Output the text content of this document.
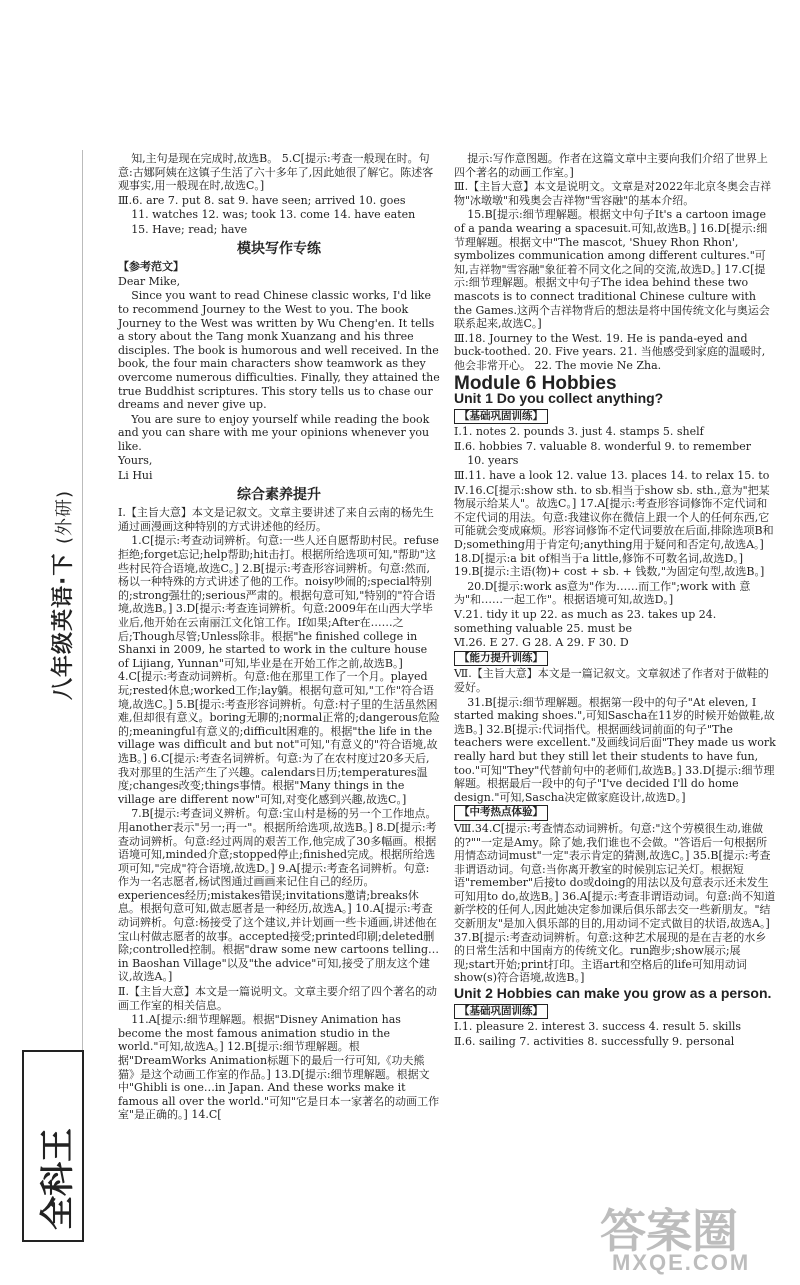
八年级英语·下 (外研)
全科王
知,主句是现在完成时,故选B。 5.C[提示:考查一般现在时。句意:古娜阿姨在这镇子生活了六十多年了,因此她很了解它。陈述客观事实,用一般现在时,故选C。]
Ⅲ.6. are 7. put 8. sat 9. have seen; arrived 10. goes
11. watches 12. was; took 13. come 14. have eaten
15. Have; read; have
模块写作专练
【参考范文】
Dear Mike,
Since you want to read Chinese classic works, I'd like to recommend Journey to the West to you. The book Journey to the West was written by Wu Cheng'en. It tells a story about the Tang monk Xuanzang and his three disciples. The book is humorous and well received. In the book, the four main characters show teamwork as they overcome numerous difficulties. Finally, they attained the true Buddhist scriptures. This story tells us to chase our dreams and never give up.
You are sure to enjoy yourself while reading the book and you can share with me your opinions whenever you like.
Yours,
Li Hui
综合素养提升
Ⅰ.【主旨大意】本文是记叙文。文章主要讲述了来自云南的杨先生通过画漫画这种特别的方式讲述他的经历。
1.C[提示:考查动词辨析。句意:一些人还自愿帮助村民。refuse拒绝;forget忘记;help帮助;hit击打。根据所给选项可知,"帮助"这些村民符合语境,故选C。] 2.B[提示:考查形容词辨析。句意:然而,杨以一种特殊的方式讲述了他的工作。noisy吵闹的;special特别的;strong强壮的;serious严肃的。根据句意可知,"特别的"符合语境,故选B。] 3.D[提示:考查连词辨析。句意:2009年在山西大学毕业后,他开始在云南丽江文化馆工作。If如果;After在……之后;Though尽管;Unless除非。根据"he finished college in Shanxi in 2009, he started to work in the culture house of Lijiang, Yunnan"可知,毕业是在开始工作之前,故选B。] 4.C[提示:考查动词辨析。句意:他在那里工作了一个月。played玩;rested休息;worked工作;lay躺。根据句意可知,"工作"符合语境,故选C。] 5.B[提示:考查形容词辨析。句意:村子里的生活虽然困难,但却很有意义。boring无聊的;normal正常的;dangerous危险的;meaningful有意义的;difficult困难的。根据"the life in the village was difficult and but not"可知,"有意义的"符合语境,故选B。] 6.C[提示:考查名词辨析。句意:为了在农村度过20多天后,我对那里的生活产生了兴趣。calendars日历;temperatures温度;changes改变;things事情。根据"Many things in the village are different now"可知,对变化感到兴趣,故选C。]
7.B[提示:考查词义辨析。句意:宝山村是杨的另一个工作地点。用another表示"另一;再一"。根据所给选项,故选B。] 8.D[提示:考查动词辨析。句意:经过两周的艰苦工作,他完成了30多幅画。根据语境可知,minded介意;stopped停止;finished完成。根据所给选项可知,"完成"符合语境,故选D。] 9.A[提示:考查名词辨析。句意:作为一名志愿者,杨试图通过画画来记住自己的经历。experiences经历;mistakes错误;invitations邀请;breaks休息。根据句意可知,做志愿者是一种经历,故选A。] 10.A[提示:考查动词辨析。句意:杨接受了这个建议,并计划画一些卡通画,讲述他在宝山村做志愿者的故事。accepted接受;printed印刷;deleted删除;controlled控制。根据"draw some new cartoons telling…in Baoshan Village"以及"the advice"可知,接受了朋友这个建议,故选A。]
Ⅱ.【主旨大意】本文是一篇说明文。文章主要介绍了四个著名的动画工作室的相关信息。
11.A[提示:细节理解题。根据"Disney Animation has become the most famous animation studio in the world."可知,故选A。] 12.B[提示:细节理解题。根据"DreamWorks Animation标题下的最后一行可知,《功夫熊猫》是这个动画工作室的作品。] 13.D[提示:细节理解题。根据文中"Ghibli is one…in Japan. And these works make it famous all over the world."可知"它是日本一家著名的动画工作室"是正确的。] 14.C[
提示:写作意图题。作者在这篇文章中主要向我们介绍了世界上四个著名的动画工作室。]
Ⅲ.【主旨大意】本文是说明文。文章是对2022年北京冬奥会吉祥物"冰墩墩"和残奥会吉祥物"雪容融"的基本介绍。
15.B[提示:细节理解题。根据文中句子It's a cartoon image of a panda wearing a spacesuit.可知,故选B。] 16.D[提示:细节理解题。根据文中"The mascot, 'Shuey Rhon Rhon', symbolizes communication among different cultures."可知,吉祥物"雪容融"象征着不同文化之间的交流,故选D。] 17.C[提示:细节理解题。根据文中句子The idea behind these two mascots is to connect traditional Chinese culture with the Games.这两个吉祥物背后的想法是将中国传统文化与奥运会联系起来,故选C。]
Ⅲ.18. Journey to the West. 19. He is panda-eyed and buck-toothed. 20. Five years. 21. 当他感受到家庭的温暖时,他会非常开心。 22. The movie Ne Zha.
Module 6 Hobbies
Unit 1 Do you collect anything?
【基础巩固训练】
Ⅰ.1. notes 2. pounds 3. just 4. stamps 5. shelf
Ⅱ.6. hobbies 7. valuable 8. wonderful 9. to remember
10. years
Ⅲ.11. have a look 12. value 13. places 14. to relax 15. to
Ⅳ.16.C[提示:show sth. to sb.相当于show sb. sth.,意为"把某物展示给某人"。故选C。] 17.A[提示:考查形容词修饰不定代词和不定代词的用法。句意:我建议你在微信上跟一个人的任何东西,它可能就会变成麻烦。形容词修饰不定代词要放在后面,排除选项B和D;something用于肯定句;anything用于疑问和否定句,故选A。] 18.D[提示:a bit of相当于a little,修饰不可数名词,故选D。] 19.B[提示:主语(物)+ cost + sb. + 钱数,"为固定句型,故选B。]
20.D[提示:work as意为"作为……而工作";work with 意为"和……一起工作"。根据语境可知,故选D。]
Ⅴ.21. tidy it up 22. as much as 23. takes up 24. something valuable 25. must be
Ⅵ.26. E 27. G 28. A 29. F 30. D
【能力提升训练】
Ⅶ.【主旨大意】本文是一篇记叙文。文章叙述了作者对于做鞋的爱好。
31.B[提示:细节理解题。根据第一段中的句子"At eleven, I started making shoes.",可知Sascha在11岁的时候开始做鞋,故选B。] 32.B[提示:代词指代。根据画线词前面的句子"The teachers were excellent."及画线词后面"They made us work really hard but they still let their students to have fun, too."可知"They"代替前句中的老师们,故选B。] 33.D[提示:细节理解题。根据最后一段中的句子"I've decided I'll do home design."可知,Sascha决定做家庭设计,故选D。]
【中考热点体验】
Ⅷ.34.C[提示:考查情态动词辨析。句意:"这个劳模很生动,谁做的?""一定是Amy。除了她,我们谁也不会做。"答语后一句根据所用情态动词must"一定"表示肯定的猜测,故选C。] 35.B[提示:考查非谓语动词。句意:当你离开教室的时候别忘记关灯。根据短语"remember"后接to do或doing的用法以及句意表示还未发生可知用to do,故选B。] 36.A[提示:考查非谓语动词。句意:尚不知道新学校的任何人,因此她决定参加课后俱乐部去交一些新朋友。"结交新朋友"是加入俱乐部的目的,用动词不定式做目的状语,故选A。] 37.B[提示:考查动词辨析。句意:这种艺术展现的是在吉老的水乡的日常生活和中国南方的传统文化。run跑步;show展示;展现;start开始;print打印。主语art和空格后的life可知用动词show(s)符合语境,故选B。]
Unit 2 Hobbies can make you grow as a person.
【基础巩固训练】
Ⅰ.1. pleasure 2. interest 3. success 4. result 5. skills
Ⅱ.6. sailing 7. activities 8. successfully 9. personal
答案圈
MXQE.COM
